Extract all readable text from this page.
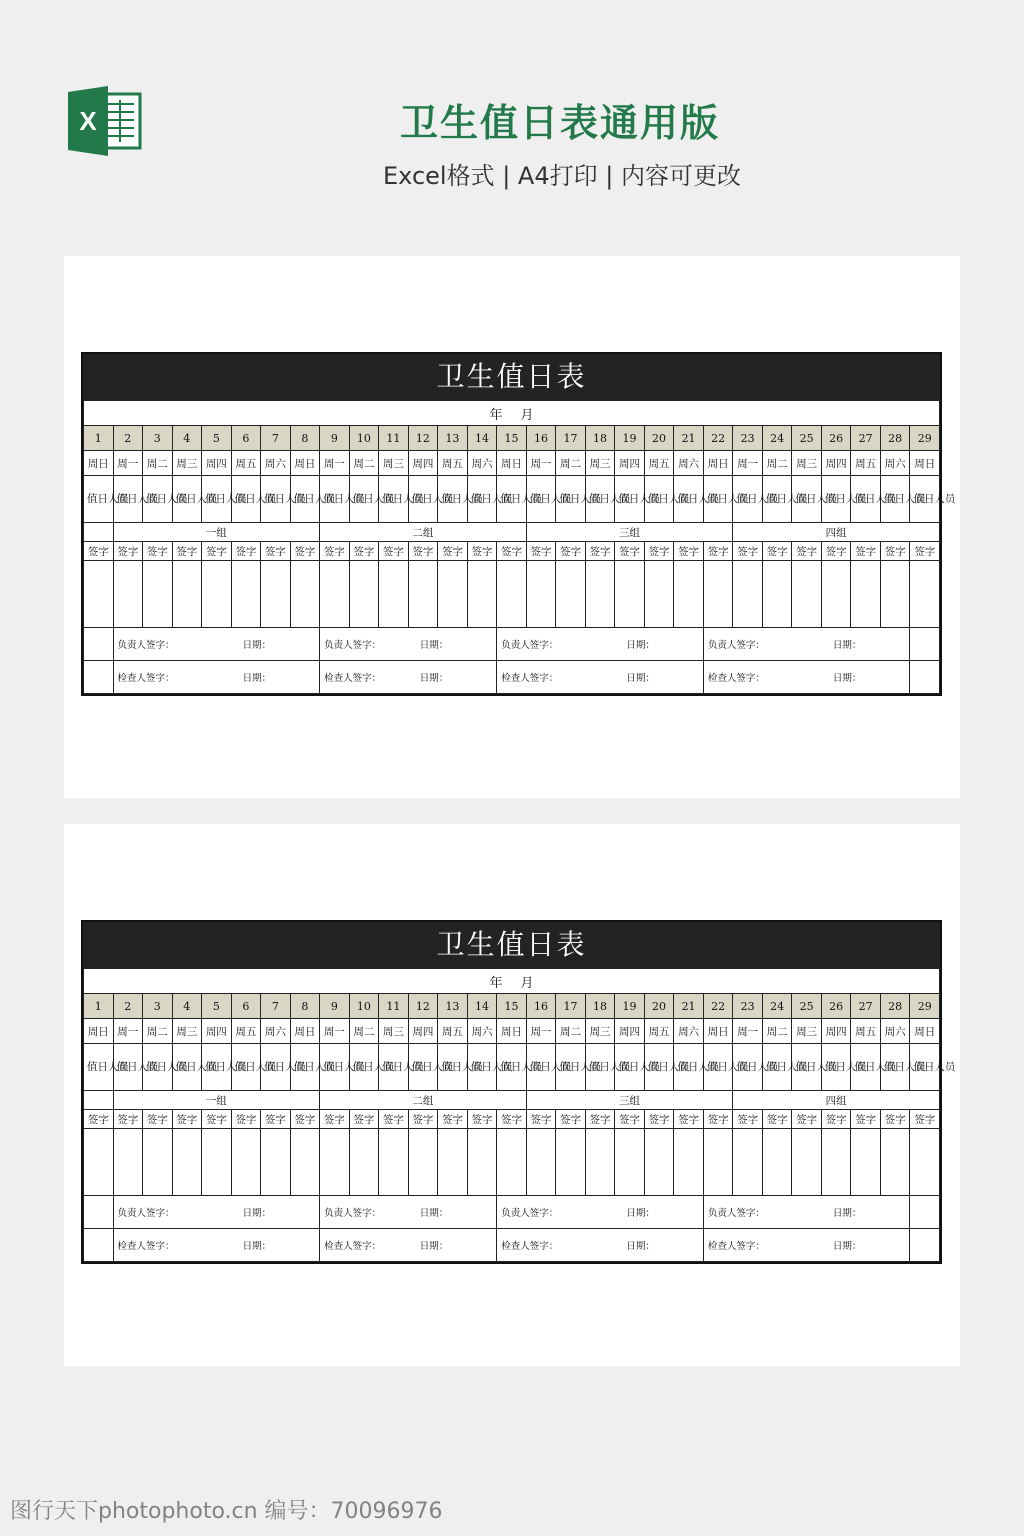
X	卫生值日表通用版
Excel格式 | A4打印 | 内容可更改
卫生值日表
年 月																												
1	2	3	4	5	6	7	8	9	10	11	12	13	14	15	16	17	18	19	20	21	22	23	24	25	26	27	28	29
周日	周一	周二	周三	周四	周五	周六	周日	周一	周二	周三	周四	周五	周六	周日	周一	周二	周三	周四	周五	周六	周日	周一	周二	周三	周四	周五	周六	周日
值日人员	值日人员	值日人员	值日人员	值日人员	值日人员	值日人员	值日人员	值日人员	值日人员	值日人员	值日人员	值日人员	值日人员	值日人员	值日人员	值日人员	值日人员	值日人员	值日人员	值日人员	值日人员	值日人员	值日人员	值日人员	值日人员	值日人员	值日人员	值日人员
	一组							二组							三组							四组						
签字	签字	签字	签字	签字	签字	签字	签字	签字	签字	签字	签字	签字	签字	签字	签字	签字	签字	签字	签字	签字	签字	签字	签字	签字	签字	签字	签字	签字

	负责人签字： 日期：							负责人签字： 日期：						负责人签字： 日期：							负责人签字： 日期：							

	检查人签字： 日期：							检查人签字： 日期：						检查人签字： 日期：							检查人签字： 日期：							

卫生值日表
年 月																												
1	2	3	4	5	6	7	8	9	10	11	12	13	14	15	16	17	18	19	20	21	22	23	24	25	26	27	28	29
周日	周一	周二	周三	周四	周五	周六	周日	周一	周二	周三	周四	周五	周六	周日	周一	周二	周三	周四	周五	周六	周日	周一	周二	周三	周四	周五	周六	周日
值日人员	值日人员	值日人员	值日人员	值日人员	值日人员	值日人员	值日人员	值日人员	值日人员	值日人员	值日人员	值日人员	值日人员	值日人员	值日人员	值日人员	值日人员	值日人员	值日人员	值日人员	值日人员	值日人员	值日人员	值日人员	值日人员	值日人员	值日人员	值日人员
	一组							二组							三组							四组						
签字	签字	签字	签字	签字	签字	签字	签字	签字	签字	签字	签字	签字	签字	签字	签字	签字	签字	签字	签字	签字	签字	签字	签字	签字	签字	签字	签字	签字

	负责人签字： 日期：							负责人签字： 日期：						负责人签字： 日期：							负责人签字： 日期：							

	检查人签字： 日期：							检查人签字： 日期：						检查人签字： 日期：							检查人签字： 日期：							

图行天下photophoto.cn 编号：70096976
